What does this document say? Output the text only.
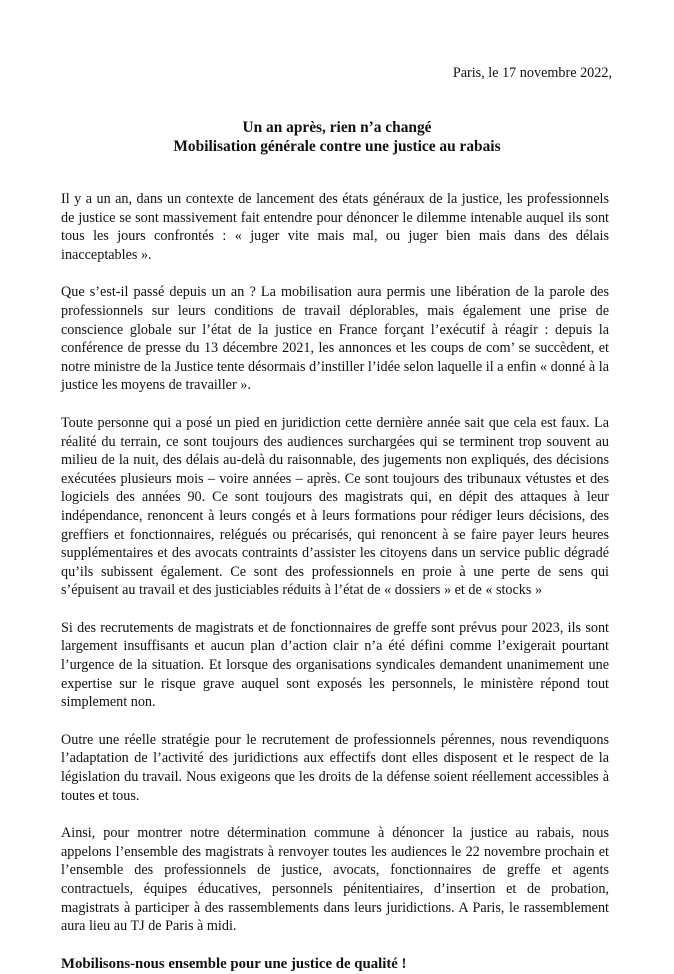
Paris, le 17 novembre 2022,
Un an après, rien n’a changé
Mobilisation générale contre une justice au rabais

Il y a un an, dans un contexte de lancement des états généraux de la justice, les professionnels de justice se sont massivement fait entendre pour dénoncer le dilemme intenable auquel ils sont tous les jours confrontés : « juger vite mais mal, ou juger bien mais dans des délais inacceptables ».

Que s’est-il passé depuis un an ? La mobilisation aura permis une libération de la parole des professionnels sur leurs conditions de travail déplorables, mais également une prise de conscience globale sur l’état de la justice en France forçant l’exécutif à réagir : depuis la conférence de presse du 13 décembre 2021, les annonces et les coups de com’ se succèdent, et notre ministre de la Justice tente désormais d’instiller l’idée selon laquelle il a enfin « donné à la justice les moyens de travailler ».

Toute personne qui a posé un pied en juridiction cette dernière année sait que cela est faux. La réalité du terrain, ce sont toujours des audiences surchargées qui se terminent trop souvent au milieu de la nuit, des délais au-delà du raisonnable, des jugements non expliqués, des décisions exécutées plusieurs mois – voire années – après. Ce sont toujours des tribunaux vétustes et des logiciels des années 90. Ce sont toujours des magistrats qui, en dépit des attaques à leur indépendance, renoncent à leurs congés et à leurs formations pour rédiger leurs décisions, des greffiers et fonctionnaires, relégués ou précarisés, qui renoncent à se faire payer leurs heures supplémentaires et des avocats contraints d’assister les citoyens dans un service public dégradé qu’ils subissent également. Ce sont des professionnels en proie à une perte de sens qui s’épuisent au travail et des justiciables réduits à l’état de « dossiers » et de « stocks »

Si des recrutements de magistrats et de fonctionnaires de greffe sont prévus pour 2023, ils sont largement insuffisants et aucun plan d’action clair n’a été défini comme l’exigerait pourtant l’urgence de la situation. Et lorsque des organisations syndicales demandent unanimement une expertise sur le risque grave auquel sont exposés les personnels, le ministère répond tout simplement non.

Outre une réelle stratégie pour le recrutement de professionnels pérennes, nous revendiquons l’adaptation de l’activité des juridictions aux effectifs dont elles disposent et le respect de la législation du travail. Nous exigeons que les droits de la défense soient réellement accessibles à toutes et tous.

Ainsi, pour montrer notre détermination commune à dénoncer la justice au rabais, nous appelons l’ensemble des magistrats à renvoyer toutes les audiences le 22 novembre prochain et l’ensemble des professionnels de justice, avocats, fonctionnaires de greffe et agents contractuels, équipes éducatives, personnels pénitentiaires, d’insertion et de probation, magistrats à participer à des rassemblements dans leurs juridictions. A Paris, le rassemblement aura lieu au TJ de Paris à midi.

Mobilisons-nous ensemble pour une justice de qualité !
